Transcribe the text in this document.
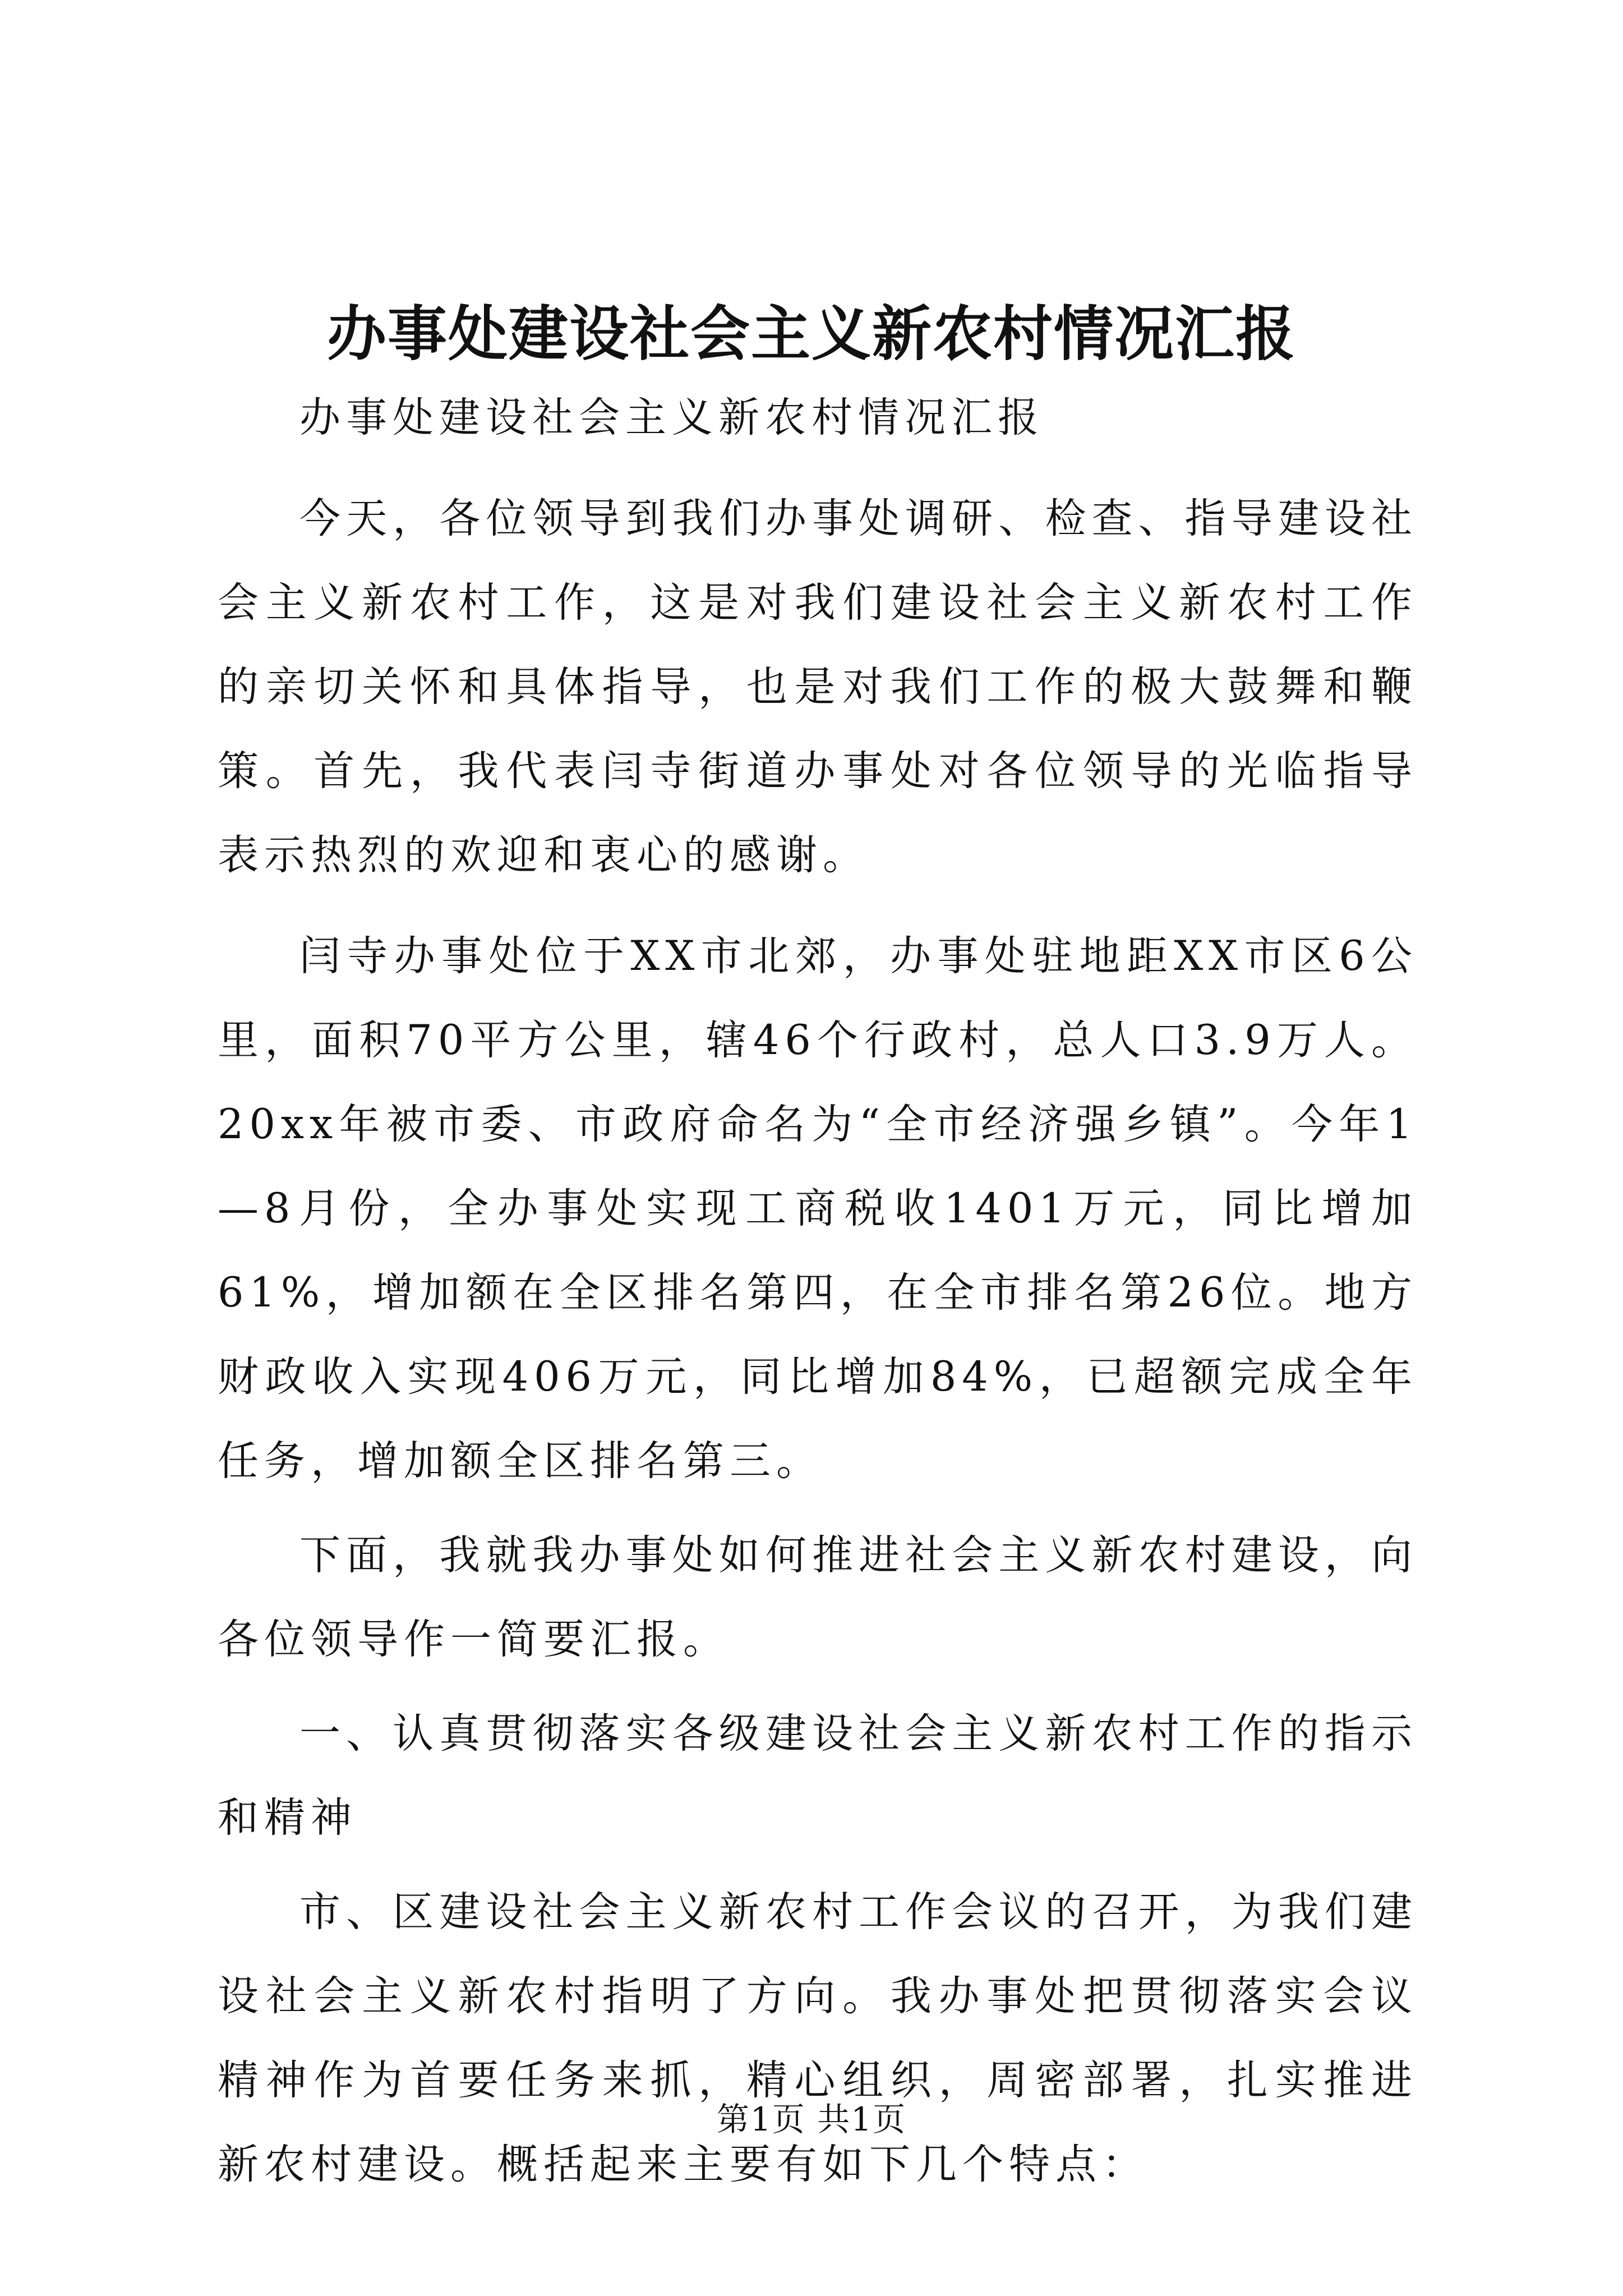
办事处建设社会主义新农村情况汇报

办事处建设社会主义新农村情况汇报

今天，各位领导到我们办事处调研、检查、指导建设社会主义新农村工作，这是对我们建设社会主义新农村工作的亲切关怀和具体指导，也是对我们工作的极大鼓舞和鞭策。首先，我代表闫寺街道办事处对各位领导的光临指导表示热烈的欢迎和衷心的感谢。

闫寺办事处位于XX市北郊，办事处驻地距XX市区6公里，面积70平方公里，辖46个行政村，总人口3.9万人。20xx年被市委、市政府命名为“全市经济强乡镇”。今年1—8月份，全办事处实现工商税收1401万元，同比增加61%，增加额在全区排名第四，在全市排名第26位。地方财政收入实现406万元，同比增加84%，已超额完成全年任务，增加额全区排名第三。

下面，我就我办事处如何推进社会主义新农村建设，向各位领导作一简要汇报。

一、认真贯彻落实各级建设社会主义新农村工作的指示和精神

市、区建设社会主义新农村工作会议的召开，为我们建设社会主义新农村指明了方向。我办事处把贯彻落实会议精神作为首要任务来抓，精心组织，周密部署，扎实推进新农村建设。概括起来主要有如下几个特点：

第1页 共1页
